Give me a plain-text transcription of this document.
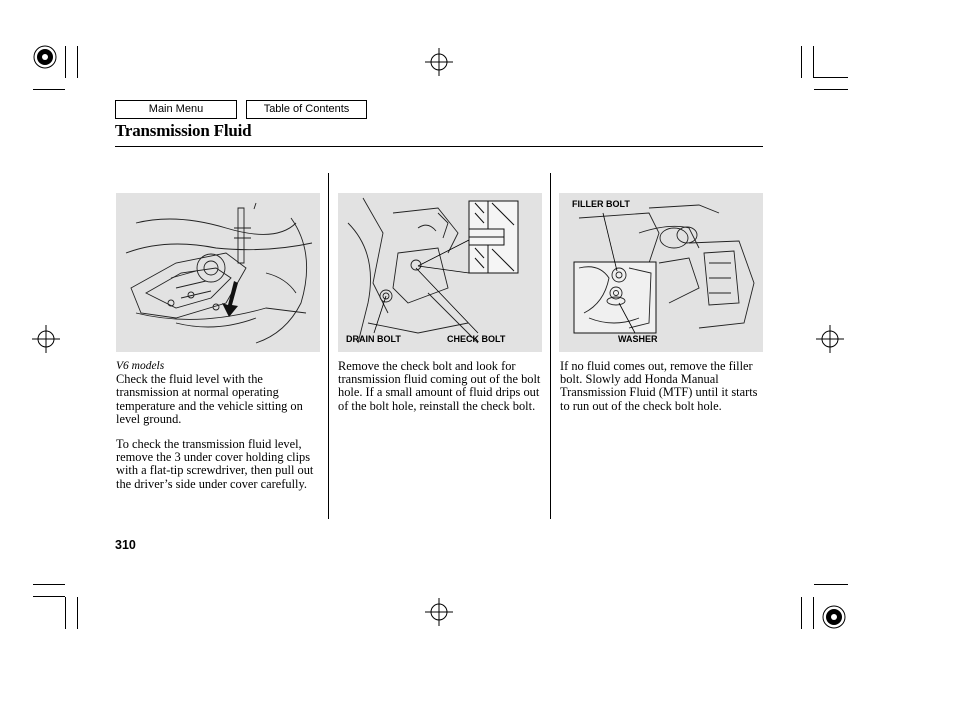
Main Menu	Table of Contents
Transmission Fluid
DRAIN BOLT	CHECK BOLT
FILLER BOLT
WASHER
V6 models

Check the fluid level with the transmission at normal operating temperature and the vehicle sitting on level ground.

To check the transmission fluid level, remove the 3 under cover holding clips with a flat-tip screwdriver, then pull out the driver’s side under cover carefully.

Remove the check bolt and look for transmission fluid coming out of the bolt hole. If a small amount of fluid drips out of the bolt hole, reinstall the check bolt.

If no fluid comes out, remove the filler bolt. Slowly add Honda Manual Transmission Fluid (MTF) until it starts to run out of the check bolt hole.

310
